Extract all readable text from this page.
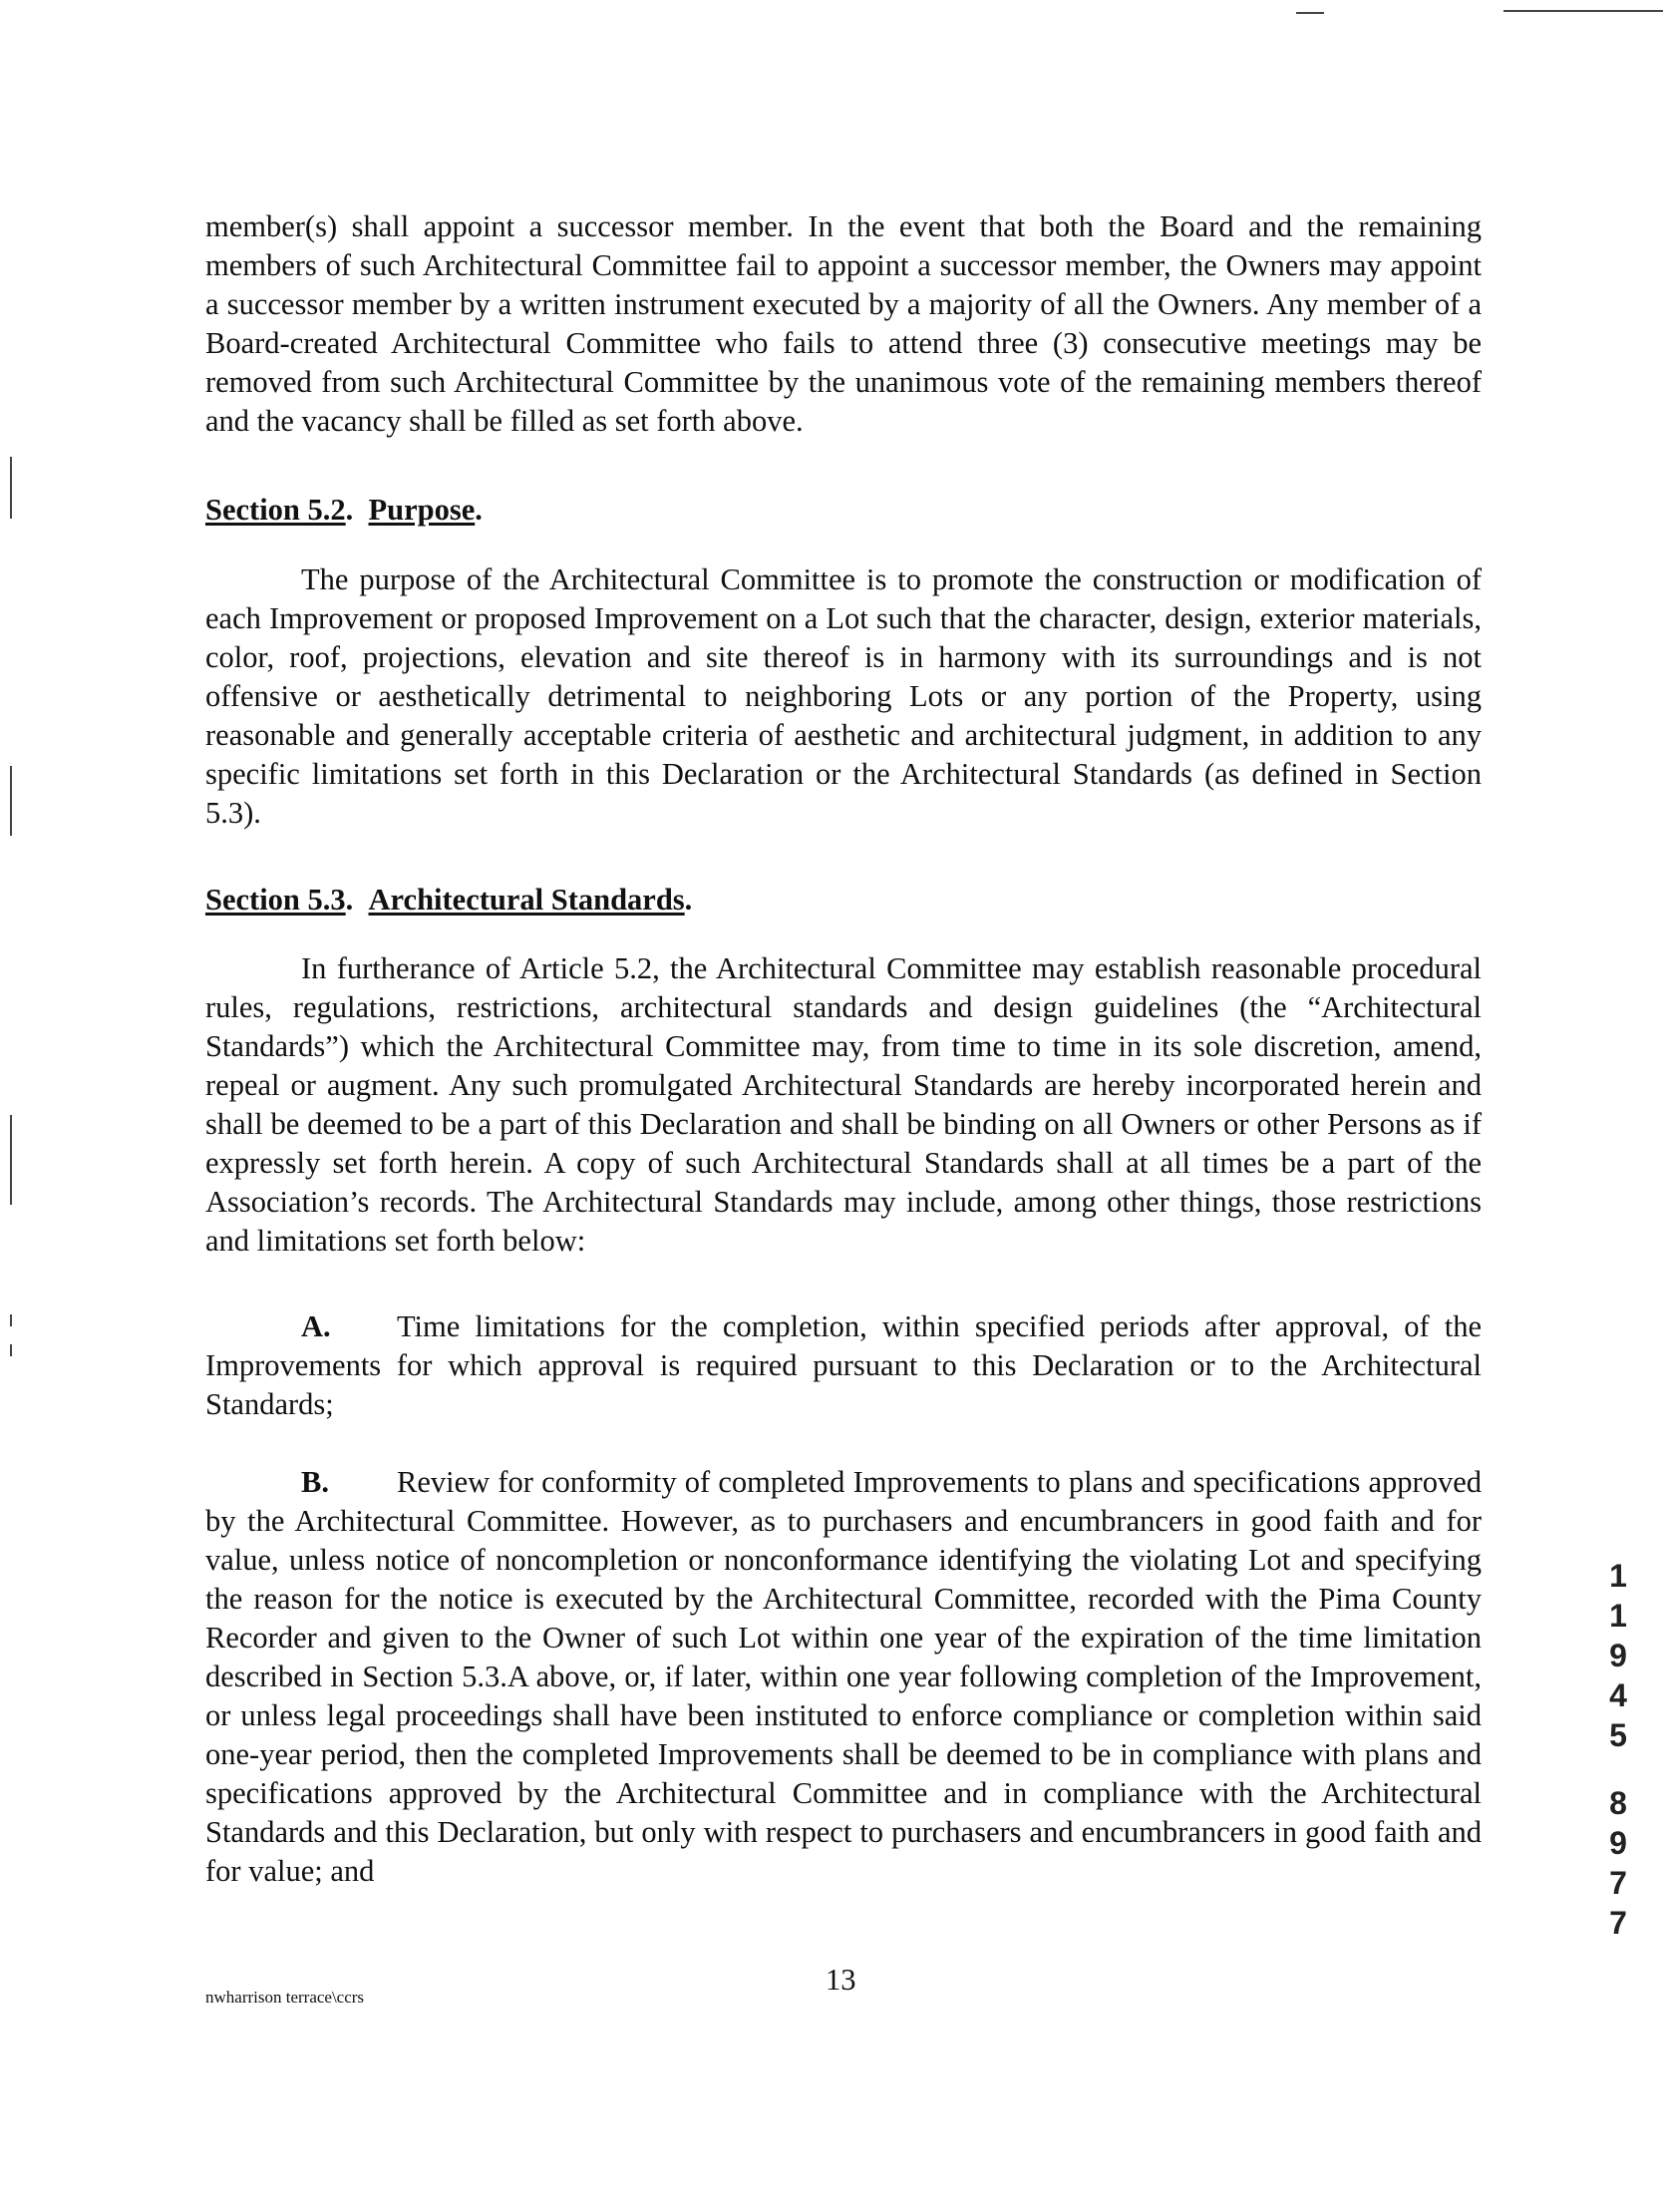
member(s) shall appoint a successor member. In the event that both the Board and the remaining members of such Architectural Committee fail to appoint a successor member, the Owners may appoint a successor member by a written instrument executed by a majority of all the Owners. Any member of a Board-created Architectural Committee who fails to attend three (3) consecutive meetings may be removed from such Architectural Committee by the unanimous vote of the remaining members thereof and the vacancy shall be filled as set forth above.

Section 5.2.  Purpose.

The purpose of the Architectural Committee is to promote the construction or modification of each Improvement or proposed Improvement on a Lot such that the character, design, exterior materials, color, roof, projections, elevation and site thereof is in harmony with its surroundings and is not offensive or aesthetically detrimental to neighboring Lots or any portion of the Property, using reasonable and generally acceptable criteria of aesthetic and architectural judgment, in addition to any specific limitations set forth in this Declaration or the Architectural Standards (as defined in Section 5.3).

Section 5.3.  Architectural Standards.

In furtherance of Article 5.2, the Architectural Committee may establish reasonable procedural rules, regulations, restrictions, architectural standards and design guidelines (the “Architectural Standards”) which the Architectural Committee may, from time to time in its sole discretion, amend, repeal or augment. Any such promulgated Architectural Standards are hereby incorporated herein and shall be deemed to be a part of this Declaration and shall be binding on all Owners or other Persons as if expressly set forth herein. A copy of such Architectural Standards shall at all times be a part of the Association’s records. The Architectural Standards may include, among other things, those restrictions and limitations set forth below:

A. Time limitations for the completion, within specified periods after approval, of the Improvements for which approval is required pursuant to this Declaration or to the Architectural Standards;

B. Review for conformity of completed Improvements to plans and specifications approved by the Architectural Committee. However, as to purchasers and encumbrancers in good faith and for value, unless notice of noncompletion or nonconformance identifying the violating Lot and specifying the reason for the notice is executed by the Architectural Committee, recorded with the Pima County Recorder and given to the Owner of such Lot within one year of the expiration of the time limitation described in Section 5.3.A above, or, if later, within one year following completion of the Improvement, or unless legal proceedings shall have been instituted to enforce compliance or completion within said one-year period, then the completed Improvements shall be deemed to be in compliance with plans and specifications approved by the Architectural Committee and in compliance with the Architectural Standards and this Declaration, but only with respect to purchasers and encumbrancers in good faith and for value; and

nwharrison terrace\ccrs
13
1
1
9
4
5
8
9
7
7
